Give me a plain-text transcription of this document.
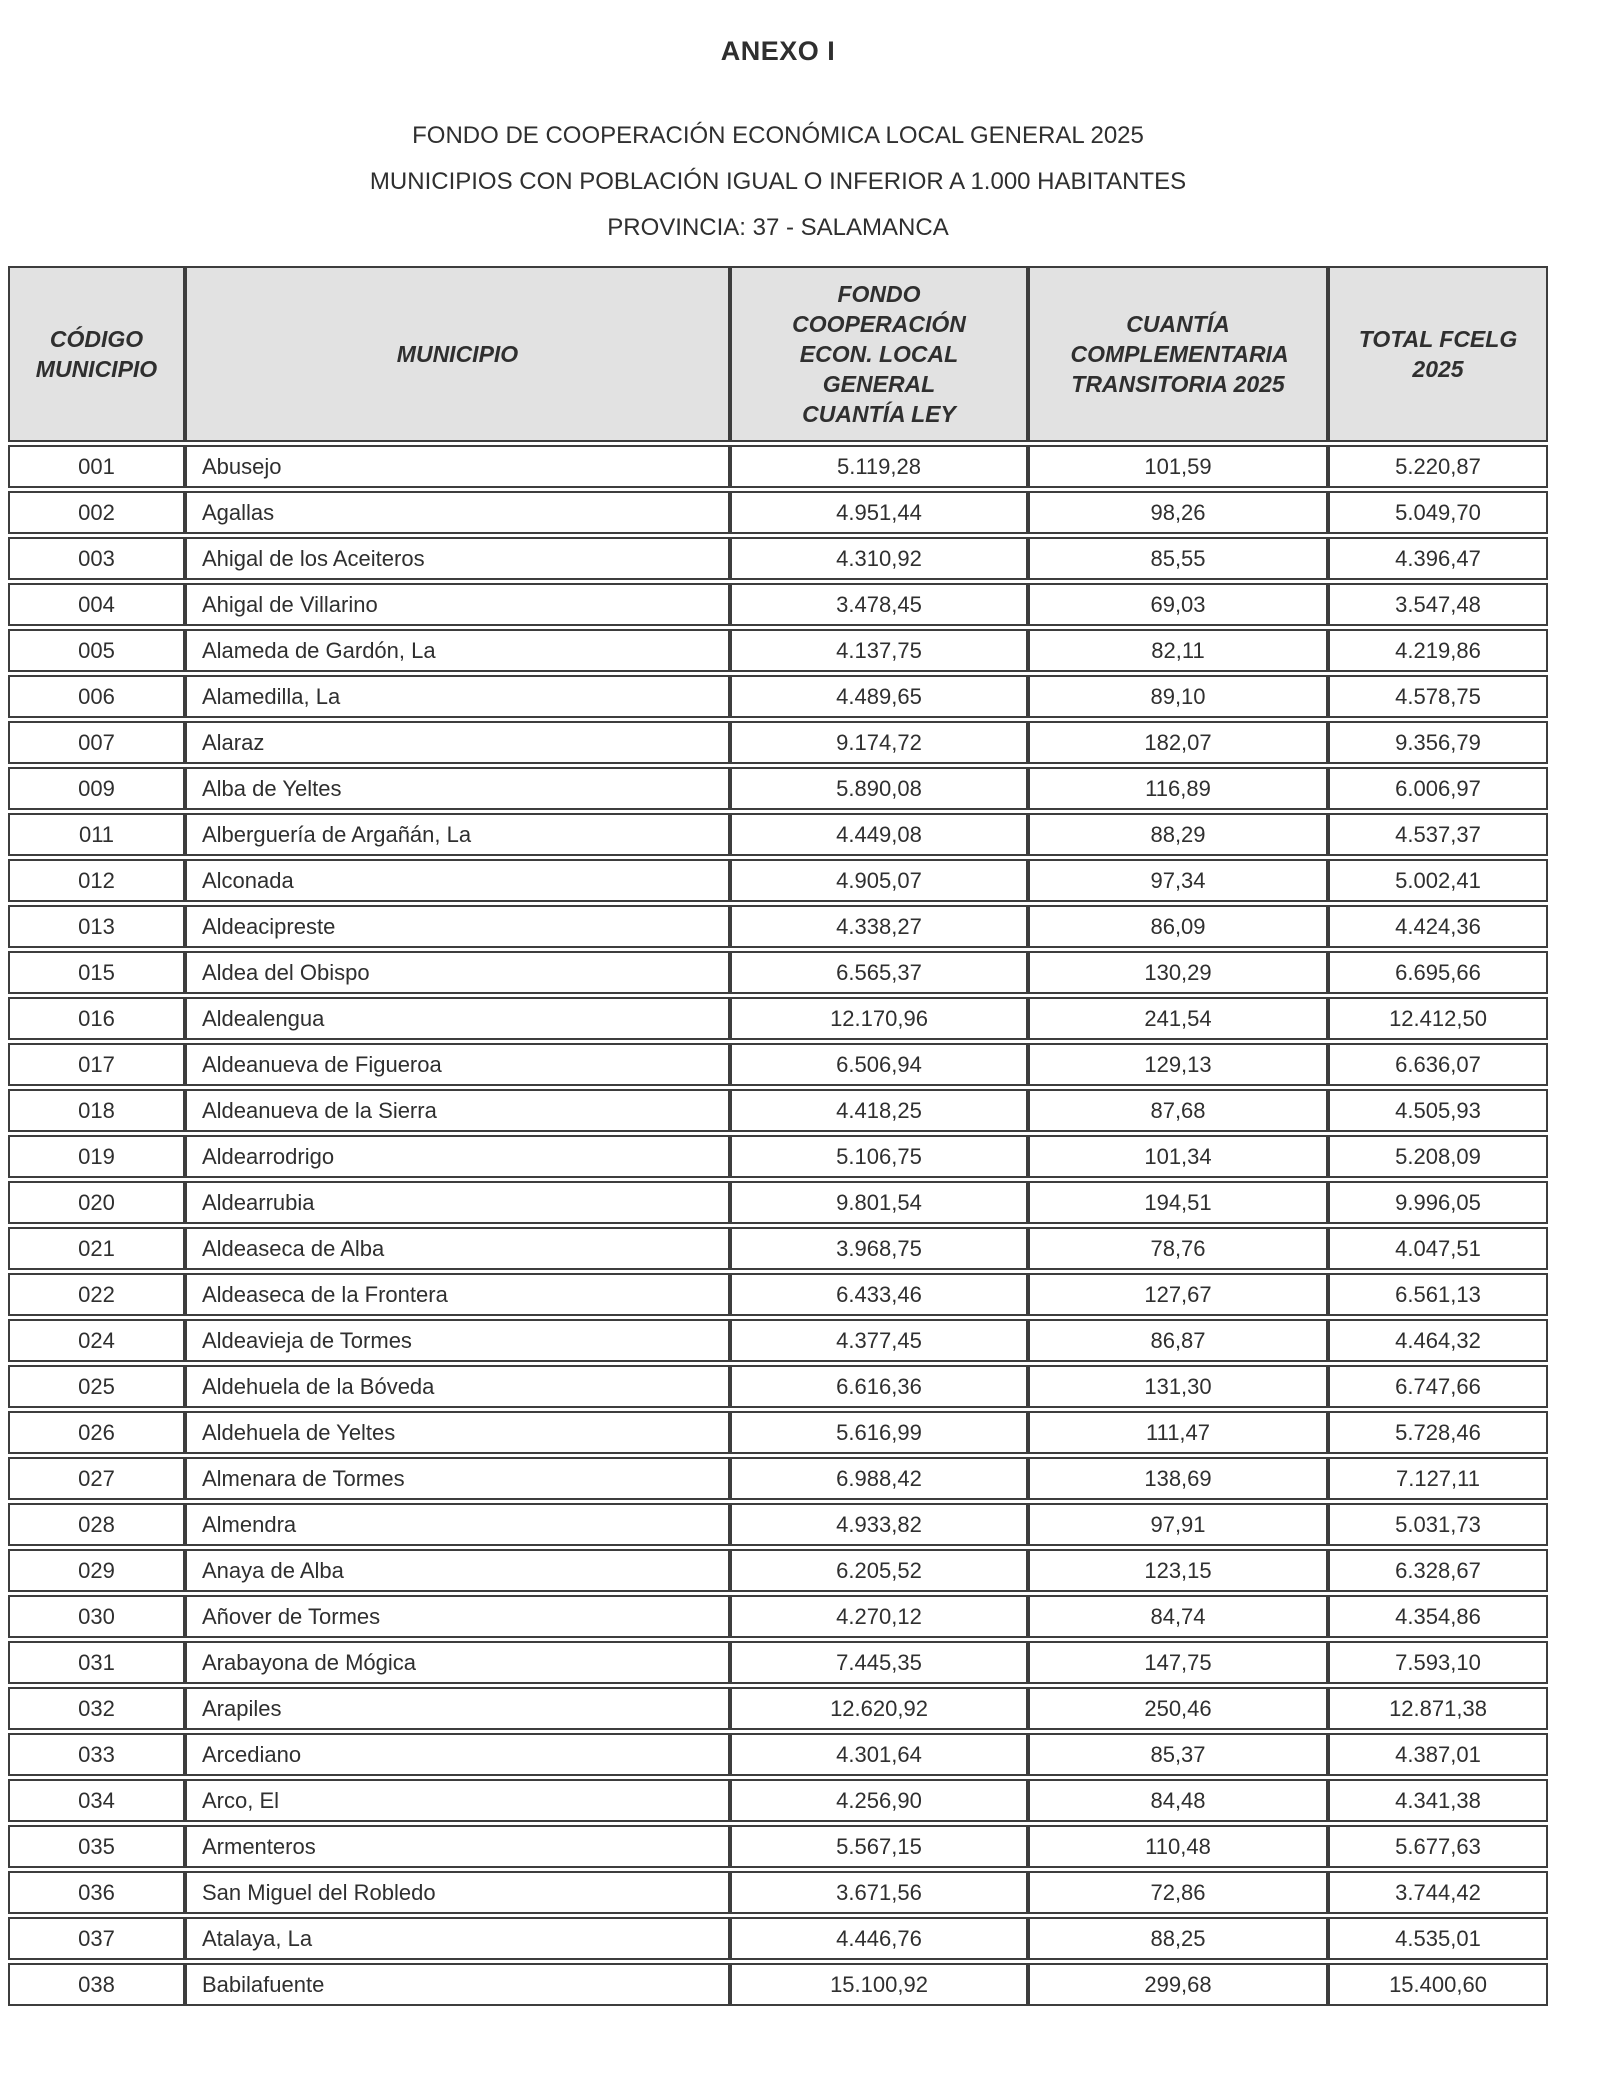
ANEXO I

FONDO DE COOPERACIÓN ECONÓMICA LOCAL GENERAL 2025

MUNICIPIOS CON POBLACIÓN IGUAL O INFERIOR A 1.000 HABITANTES

PROVINCIA: 37 - SALAMANCA

CÓDIGO MUNICIPIO	MUNICIPIO	FONDO COOPERACIÓN ECON. LOCAL GENERAL CUANTÍA LEY	CUANTÍA COMPLEMENTARIA TRANSITORIA 2025	TOTAL FCELG 2025
001	Abusejo	5.119,28	101,59	5.220,87
002	Agallas	4.951,44	98,26	5.049,70
003	Ahigal de los Aceiteros	4.310,92	85,55	4.396,47
004	Ahigal de Villarino	3.478,45	69,03	3.547,48
005	Alameda de Gardón, La	4.137,75	82,11	4.219,86
006	Alamedilla, La	4.489,65	89,10	4.578,75
007	Alaraz	9.174,72	182,07	9.356,79
009	Alba de Yeltes	5.890,08	116,89	6.006,97
011	Alberguería de Argañán, La	4.449,08	88,29	4.537,37
012	Alconada	4.905,07	97,34	5.002,41
013	Aldeacipreste	4.338,27	86,09	4.424,36
015	Aldea del Obispo	6.565,37	130,29	6.695,66
016	Aldealengua	12.170,96	241,54	12.412,50
017	Aldeanueva de Figueroa	6.506,94	129,13	6.636,07
018	Aldeanueva de la Sierra	4.418,25	87,68	4.505,93
019	Aldearrodrigo	5.106,75	101,34	5.208,09
020	Aldearrubia	9.801,54	194,51	9.996,05
021	Aldeaseca de Alba	3.968,75	78,76	4.047,51
022	Aldeaseca de la Frontera	6.433,46	127,67	6.561,13
024	Aldeavieja de Tormes	4.377,45	86,87	4.464,32
025	Aldehuela de la Bóveda	6.616,36	131,30	6.747,66
026	Aldehuela de Yeltes	5.616,99	111,47	5.728,46
027	Almenara de Tormes	6.988,42	138,69	7.127,11
028	Almendra	4.933,82	97,91	5.031,73
029	Anaya de Alba	6.205,52	123,15	6.328,67
030	Añover de Tormes	4.270,12	84,74	4.354,86
031	Arabayona de Mógica	7.445,35	147,75	7.593,10
032	Arapiles	12.620,92	250,46	12.871,38
033	Arcediano	4.301,64	85,37	4.387,01
034	Arco, El	4.256,90	84,48	4.341,38
035	Armenteros	5.567,15	110,48	5.677,63
036	San Miguel del Robledo	3.671,56	72,86	3.744,42
037	Atalaya, La	4.446,76	88,25	4.535,01
038	Babilafuente	15.100,92	299,68	15.400,60
